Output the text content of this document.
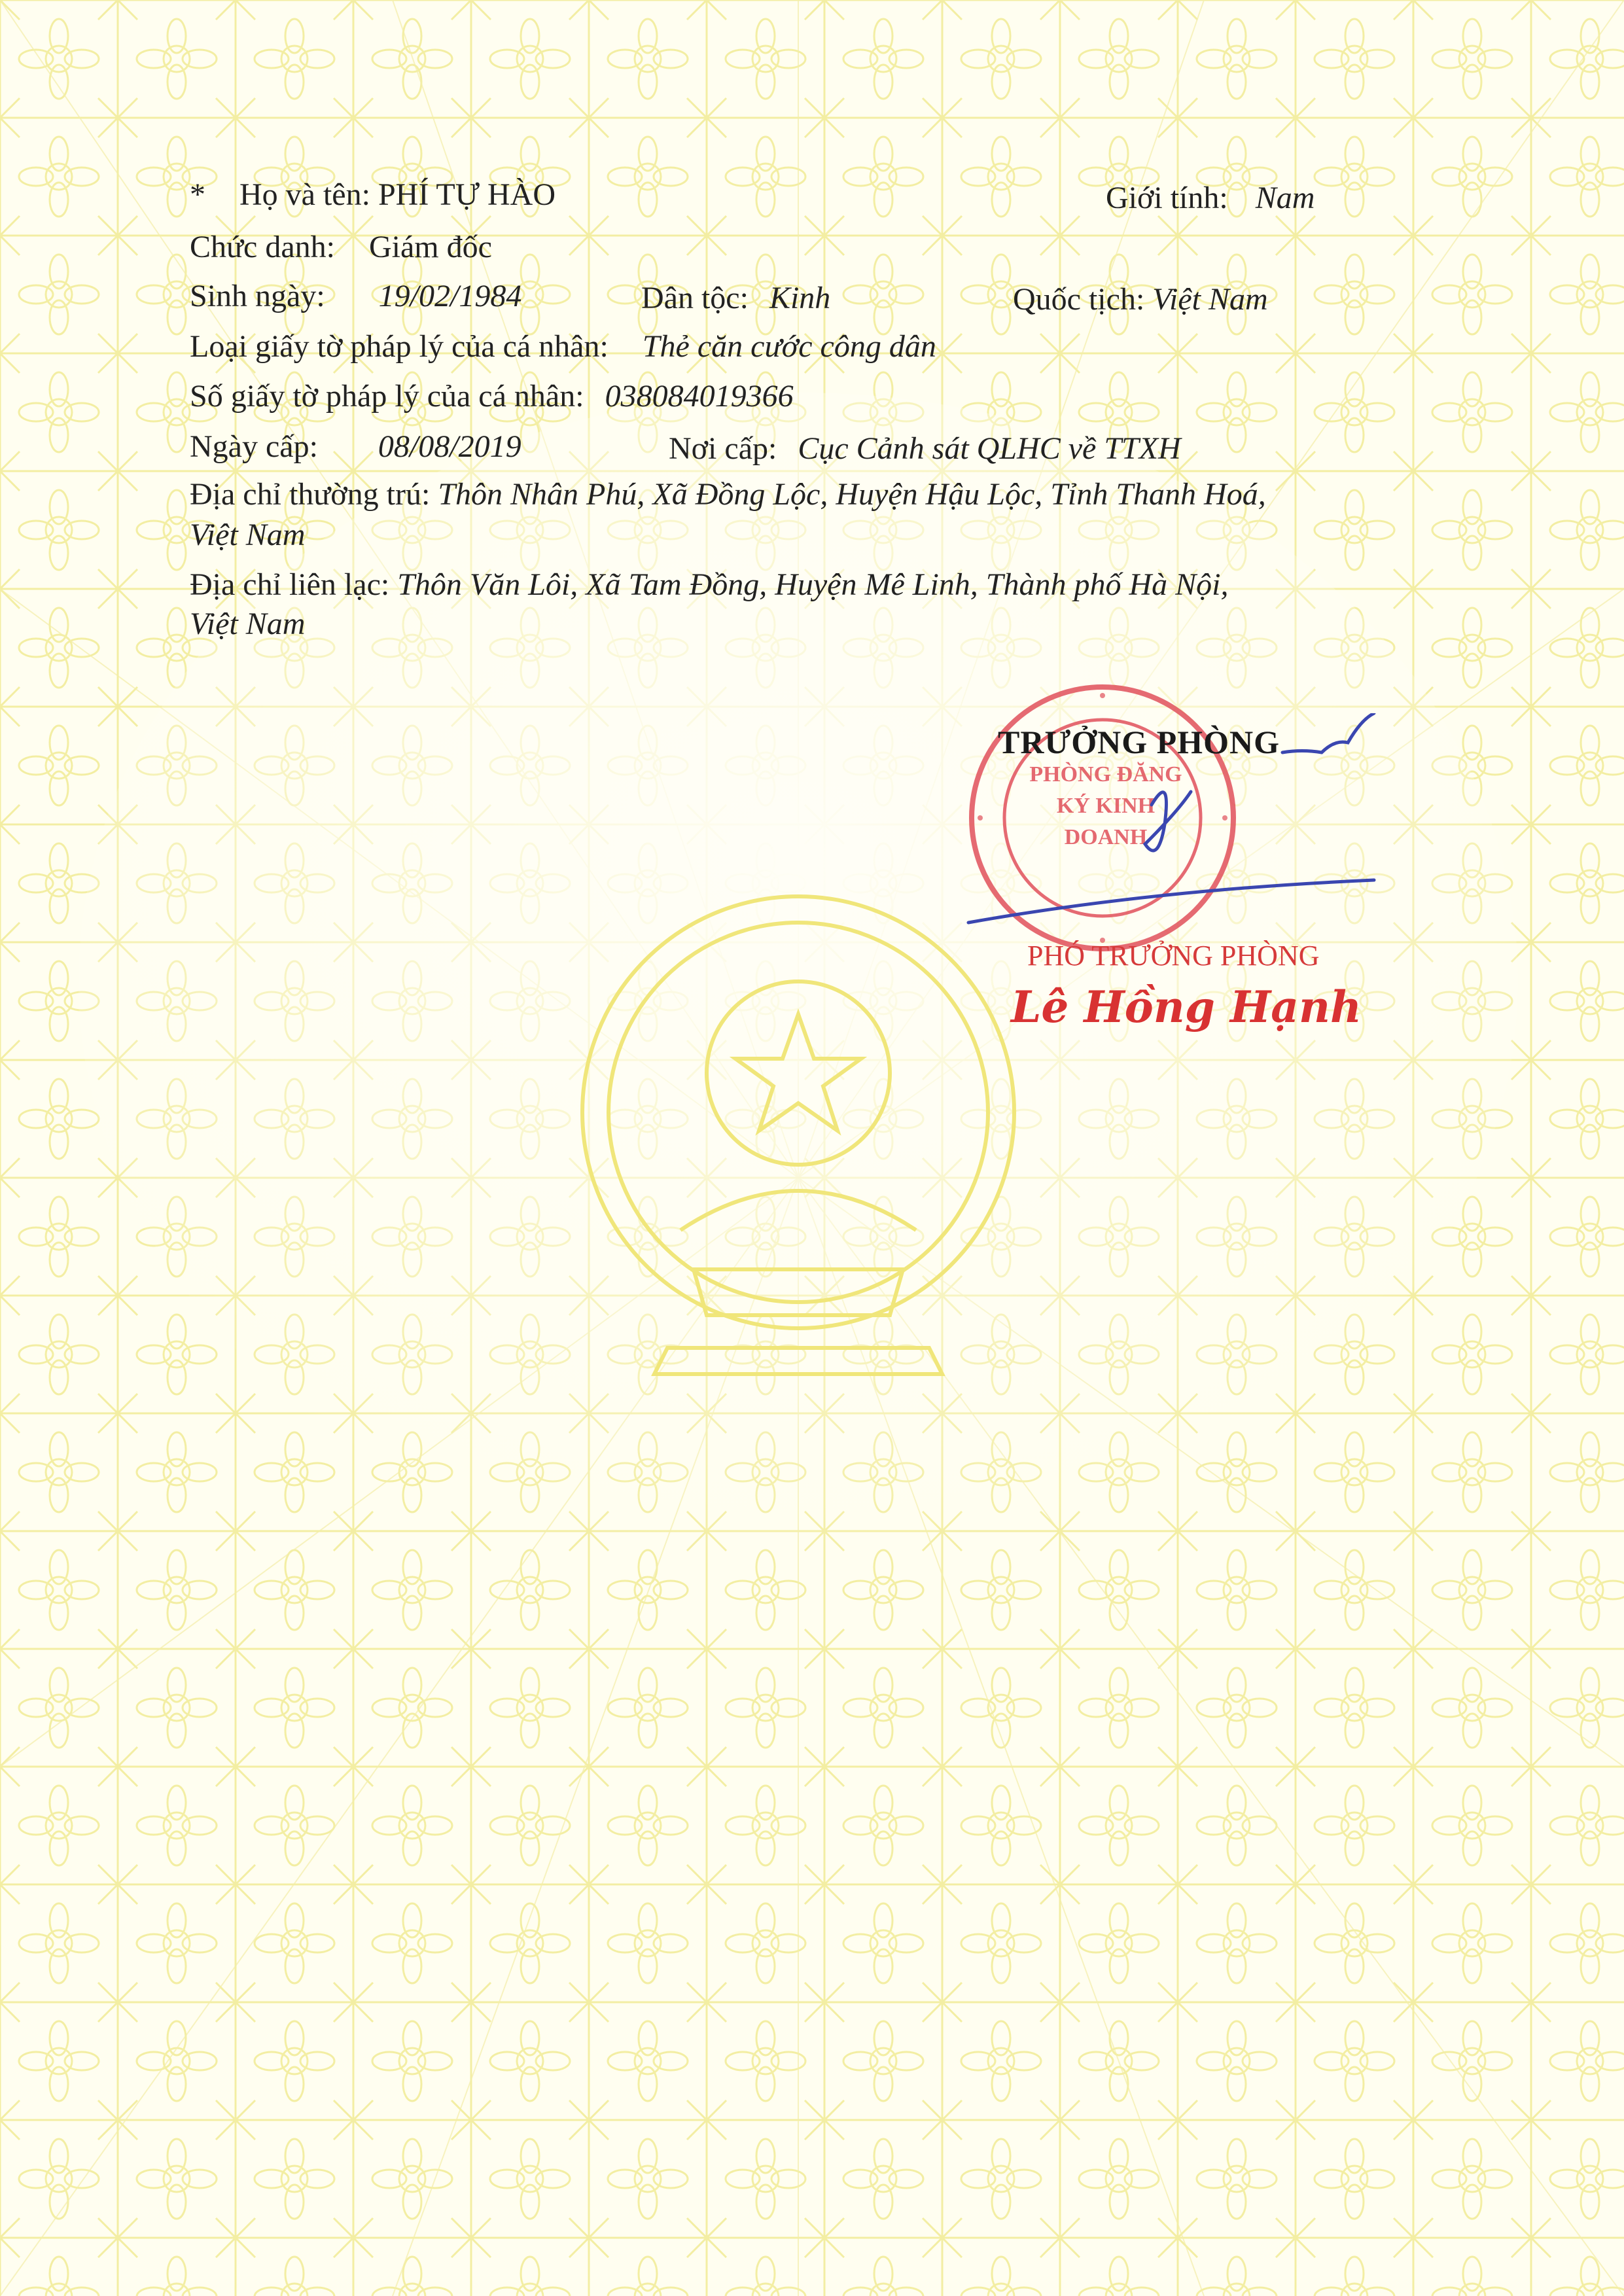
* Họ và tên: PHÍ TỰ HÀO	Giới tính: Nam
Chức danh: Giám đốc
Sinh ngày: 19/02/1984	Dân tộc: Kinh	Quốc tịch: Việt Nam
Loại giấy tờ pháp lý của cá nhân: Thẻ căn cước công dân
Số giấy tờ pháp lý của cá nhân: 038084019366
Ngày cấp: 08/08/2019	Nơi cấp: Cục Cảnh sát QLHC về TTXH
Địa chỉ thường trú: Thôn Nhân Phú, Xã Đồng Lộc, Huyện Hậu Lộc, Tỉnh Thanh Hoá,
Việt Nam
Địa chỉ liên lạc: Thôn Văn Lôi, Xã Tam Đồng, Huyện Mê Linh, Thành phố Hà Nội,
Việt Nam
PHÒNG ĐĂNG KÝ KINH DOANH
TRƯỞNG PHÒNG
PHÓ TRƯỞNG PHÒNG
Lê Hồng Hạnh
